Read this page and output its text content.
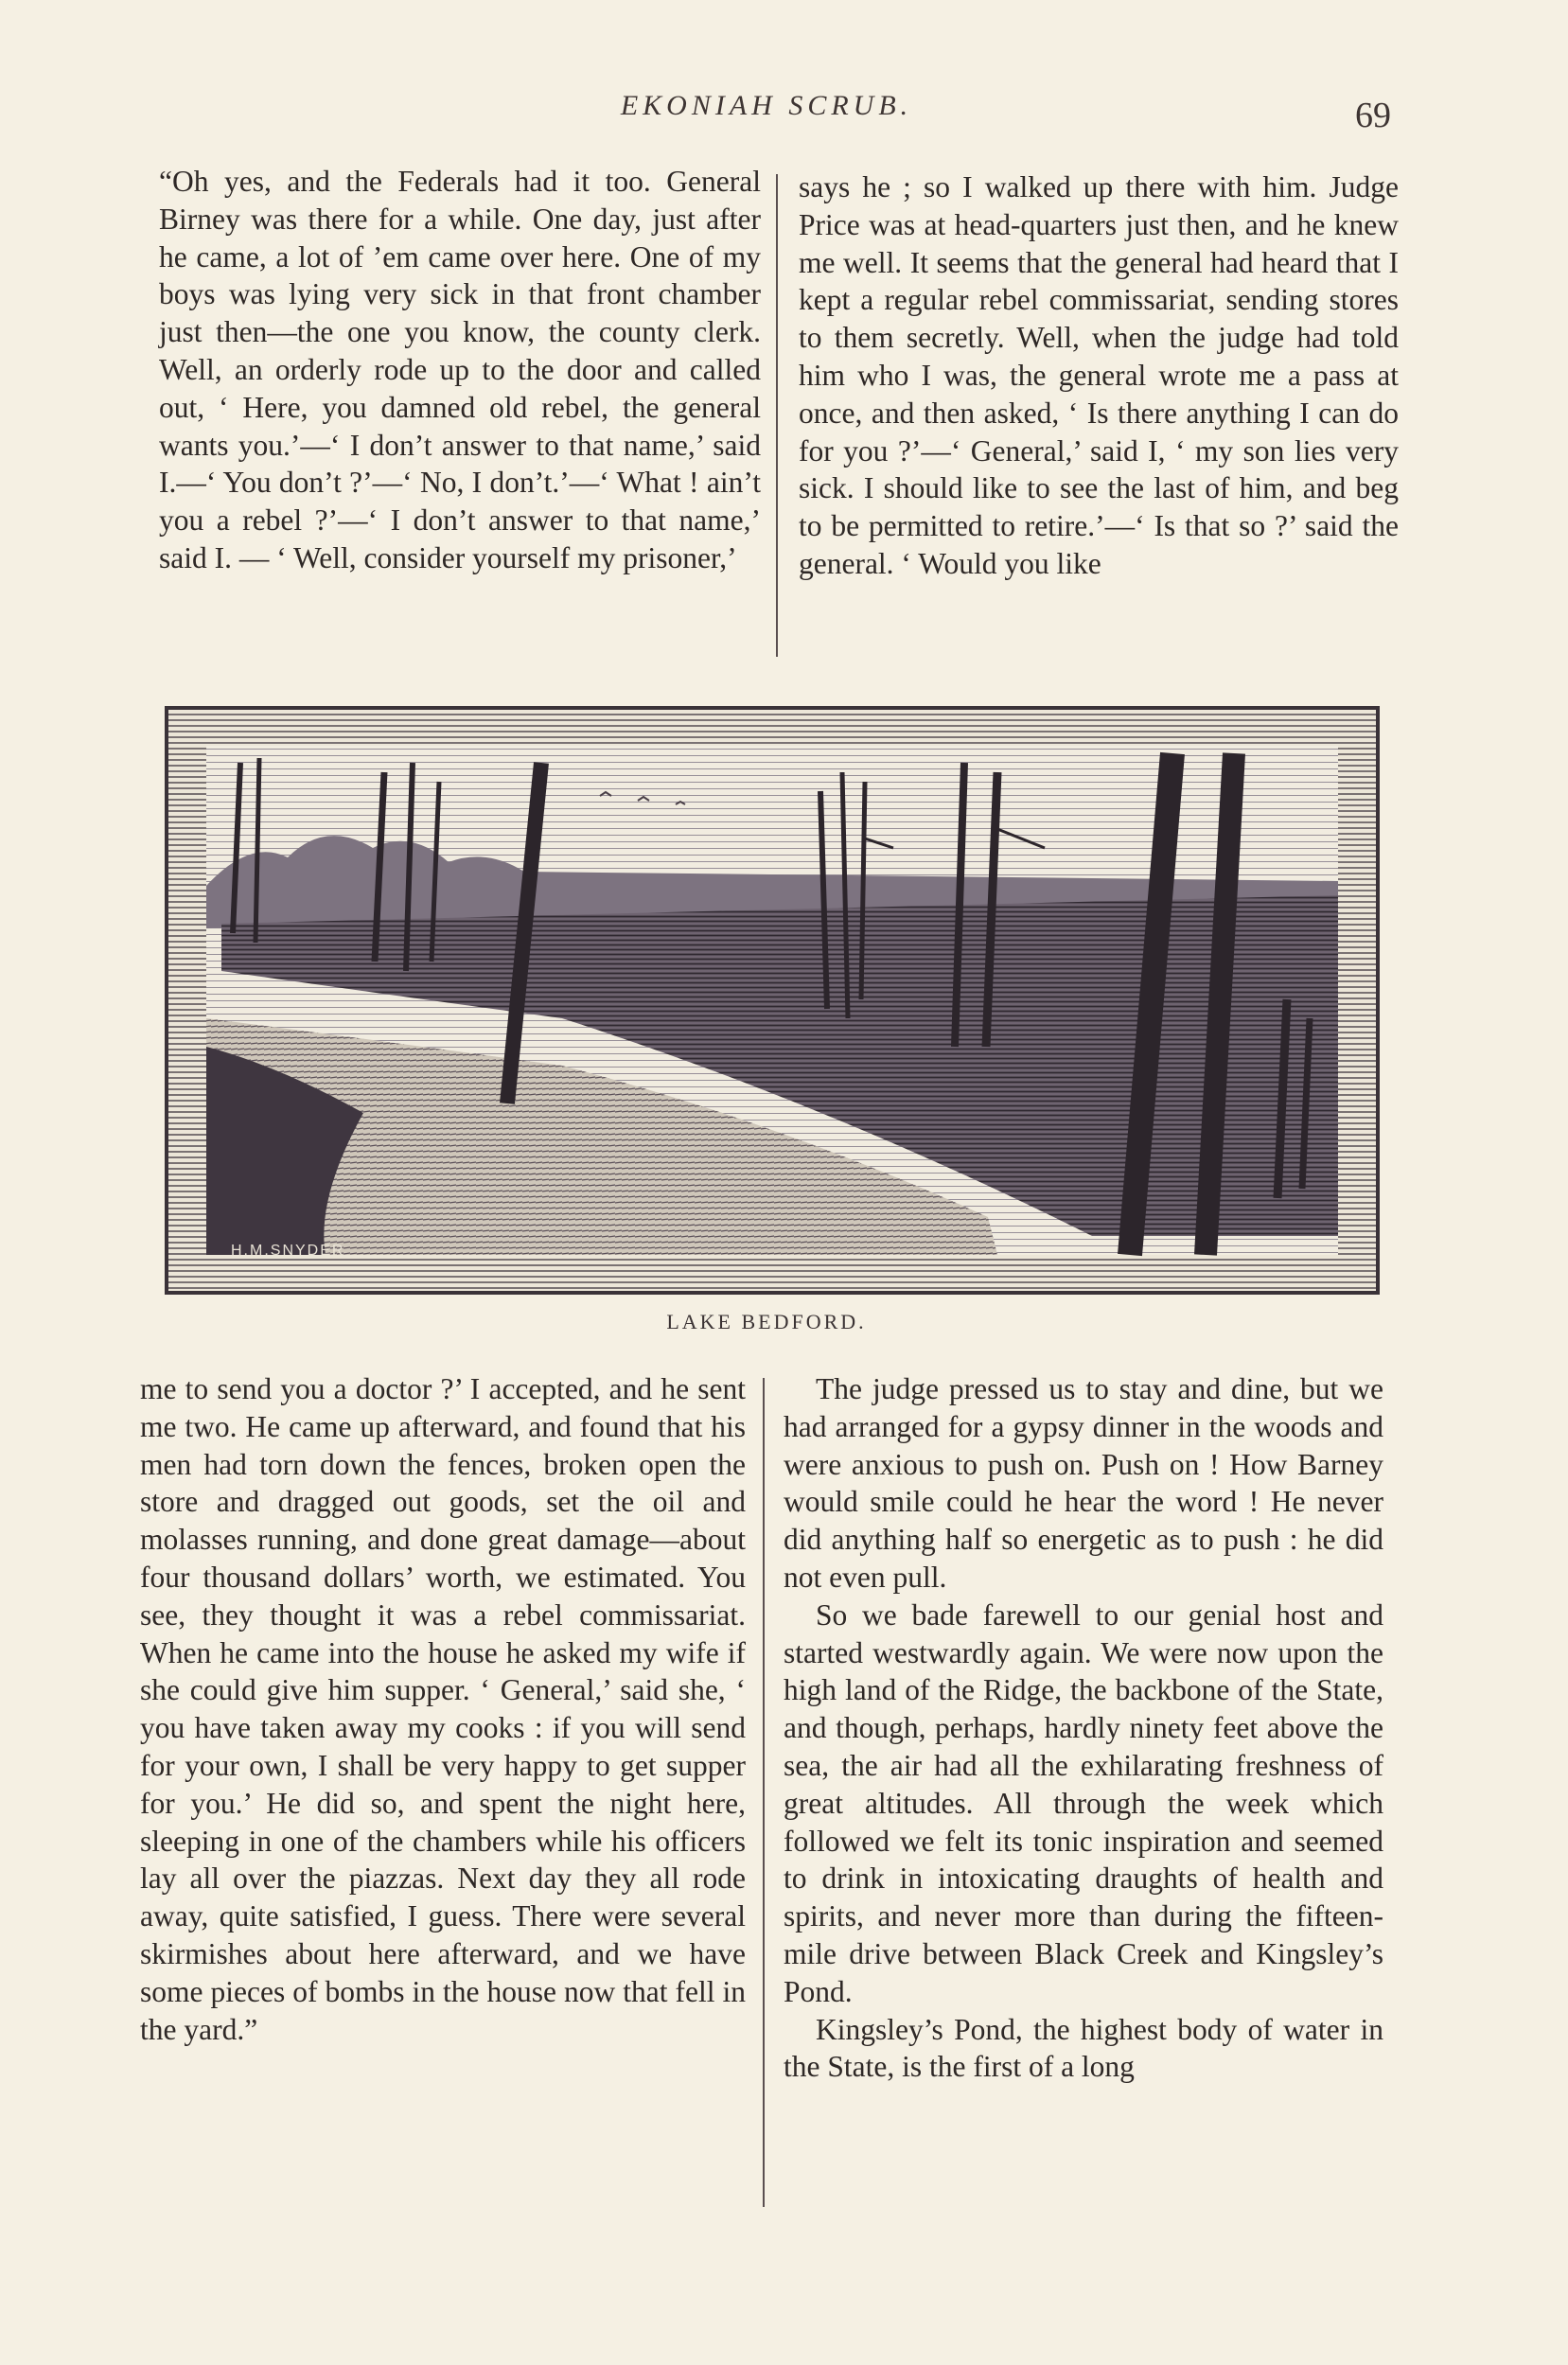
EKONIAH SCRUB.	69

“Oh yes, and the Federals had it too. General Birney was there for a while. One day, just after he came, a lot of ’em came over here. One of my boys was lying very sick in that front chamber just then—the one you know, the county clerk. Well, an orderly rode up to the door and called out, ‘ Here, you damned old rebel, the general wants you.’—‘ I don’t answer to that name,’ said I.—‘ You don’t ?’—‘ No, I don’t.’—‘ What ! ain’t you a rebel ?’—‘ I don’t answer to that name,’ said I. — ‘ Well, consider yourself my prisoner,’

says he ; so I walked up there with him. Judge Price was at head-quarters just then, and he knew me well. It seems that the general had heard that I kept a regular rebel commissariat, sending stores to them secretly. Well, when the judge had told him who I was, the general wrote me a pass at once, and then asked, ‘ Is there anything I can do for you ?’—‘ General,’ said I, ‘ my son lies very sick. I should like to see the last of him, and beg to be permitted to retire.’—‘ Is that so ?’ said the general. ‘ Would you like

H.M.SNYDER
LAKE BEDFORD.

me to send you a doctor ?’ I accepted, and he sent me two. He came up afterward, and found that his men had torn down the fences, broken open the store and dragged out goods, set the oil and molasses running, and done great damage—about four thousand dollars’ worth, we estimated. You see, they thought it was a rebel commissariat. When he came into the house he asked my wife if she could give him supper. ‘ General,’ said she, ‘ you have taken away my cooks : if you will send for your own, I shall be very happy to get supper for you.’ He did so, and spent the night here, sleeping in one of the chambers while his officers lay all over the piazzas. Next day they all rode away, quite satisfied, I guess. There were several skirmishes about here afterward, and we have some pieces of bombs in the house now that fell in the yard.”

The judge pressed us to stay and dine, but we had arranged for a gypsy dinner in the woods and were anxious to push on. Push on ! How Barney would smile could he hear the word ! He never did anything half so energetic as to push : he did not even pull.

So we bade farewell to our genial host and started westwardly again. We were now upon the high land of the Ridge, the backbone of the State, and though, perhaps, hardly ninety feet above the sea, the air had all the exhilarating freshness of great altitudes. All through the week which followed we felt its tonic inspiration and seemed to drink in intoxicating draughts of health and spirits, and never more than during the fifteen-mile drive between Black Creek and Kingsley’s Pond.

Kingsley’s Pond, the highest body of water in the State, is the first of a long
